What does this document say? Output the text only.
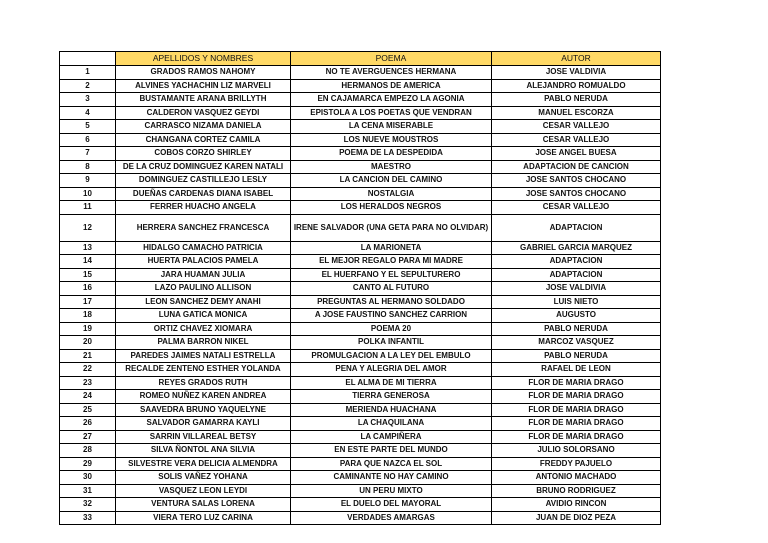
	APELLIDOS Y NOMBRES	POEMA	AUTOR
1	GRADOS RAMOS NAHOMY	NO TE AVERGUENCES HERMANA	JOSE VALDIVIA
2	ALVINES YACHACHIN LIZ MARVELI	HERMANOS DE AMERICA	ALEJANDRO ROMUALDO
3	BUSTAMANTE ARANA BRILLYTH	EN CAJAMARCA EMPEZO LA AGONIA	PABLO NERUDA
4	CALDERON VASQUEZ GEYDI	EPISTOLA A LOS POETAS QUE VENDRAN	MANUEL ESCORZA
5	CARRASCO NIZAMA DANIELA	LA CENA MISERABLE	CESAR VALLEJO
6	CHANGANA CORTEZ CAMILA	LOS NUEVE MOUSTROS	CESAR VALLEJO
7	COBOS CORZO SHIRLEY	POEMA DE LA DESPEDIDA	JOSE ANGEL BUESA
8	DE LA CRUZ DOMINGUEZ KAREN NATALI	MAESTRO	ADAPTACION DE CANCION
9	DOMINGUEZ CASTILLEJO LESLY	LA CANCION DEL CAMINO	JOSE SANTOS CHOCANO
10	DUEÑAS CARDENAS DIANA ISABEL	NOSTALGIA	JOSE SANTOS CHOCANO
11	FERRER HUACHO ANGELA	LOS HERALDOS NEGROS	CESAR VALLEJO
12	HERRERA SANCHEZ FRANCESCA	IRENE SALVADOR (UNA GETA PARA NO OLVIDAR)	ADAPTACION
13	HIDALGO CAMACHO PATRICIA	LA MARIONETA	GABRIEL GARCIA MARQUEZ
14	HUERTA PALACIOS PAMELA	EL MEJOR REGALO PARA MI MADRE	ADAPTACION
15	JARA HUAMAN JULIA	EL HUERFANO Y EL SEPULTURERO	ADAPTACION
16	LAZO PAULINO ALLISON	CANTO AL FUTURO	JOSE VALDIVIA
17	LEON SANCHEZ DEMY ANAHI	PREGUNTAS AL HERMANO SOLDADO	LUIS NIETO
18	LUNA GATICA MONICA	A JOSE FAUSTINO SANCHEZ CARRION	AUGUSTO
19	ORTIZ CHAVEZ XIOMARA	POEMA 20	PABLO NERUDA
20	PALMA BARRON NIKEL	POLKA INFANTIL	MARCOZ VASQUEZ
21	PAREDES JAIMES NATALI ESTRELLA	PROMULGACION A LA LEY DEL EMBULO	PABLO NERUDA
22	RECALDE ZENTENO ESTHER YOLANDA	PENA Y ALEGRIA DEL AMOR	RAFAEL DE LEON
23	REYES GRADOS RUTH	EL ALMA DE MI TIERRA	FLOR DE MARIA DRAGO
24	ROMEO NUÑEZ KAREN ANDREA	TIERRA GENEROSA	FLOR DE MARIA DRAGO
25	SAAVEDRA BRUNO YAQUELYNE	MERIENDA HUACHANA	FLOR DE MARIA DRAGO
26	SALVADOR GAMARRA KAYLI	LA CHAQUILANA	FLOR DE MARIA DRAGO
27	SARRIN VILLAREAL BETSY	LA CAMPIÑERA	FLOR DE MARIA DRAGO
28	SILVA ÑONTOL ANA SILVIA	EN ESTE PARTE DEL MUNDO	JULIO SOLORSANO
29	SILVESTRE VERA DELICIA ALMENDRA	PARA QUE NAZCA EL SOL	FREDDY PAJUELO
30	SOLIS VAÑEZ YOHANA	CAMINANTE NO HAY CAMINO	ANTONIO MACHADO
31	VASQUEZ LEON LEYDI	UN PERU MIXTO	BRUNO RODRIGUEZ
32	VENTURA SALAS LORENA	EL DUELO DEL MAYORAL	AVIDIO RINCON
33	VIERA TERO LUZ CARINA	VERDADES AMARGAS	JUAN DE DIOZ PEZA
